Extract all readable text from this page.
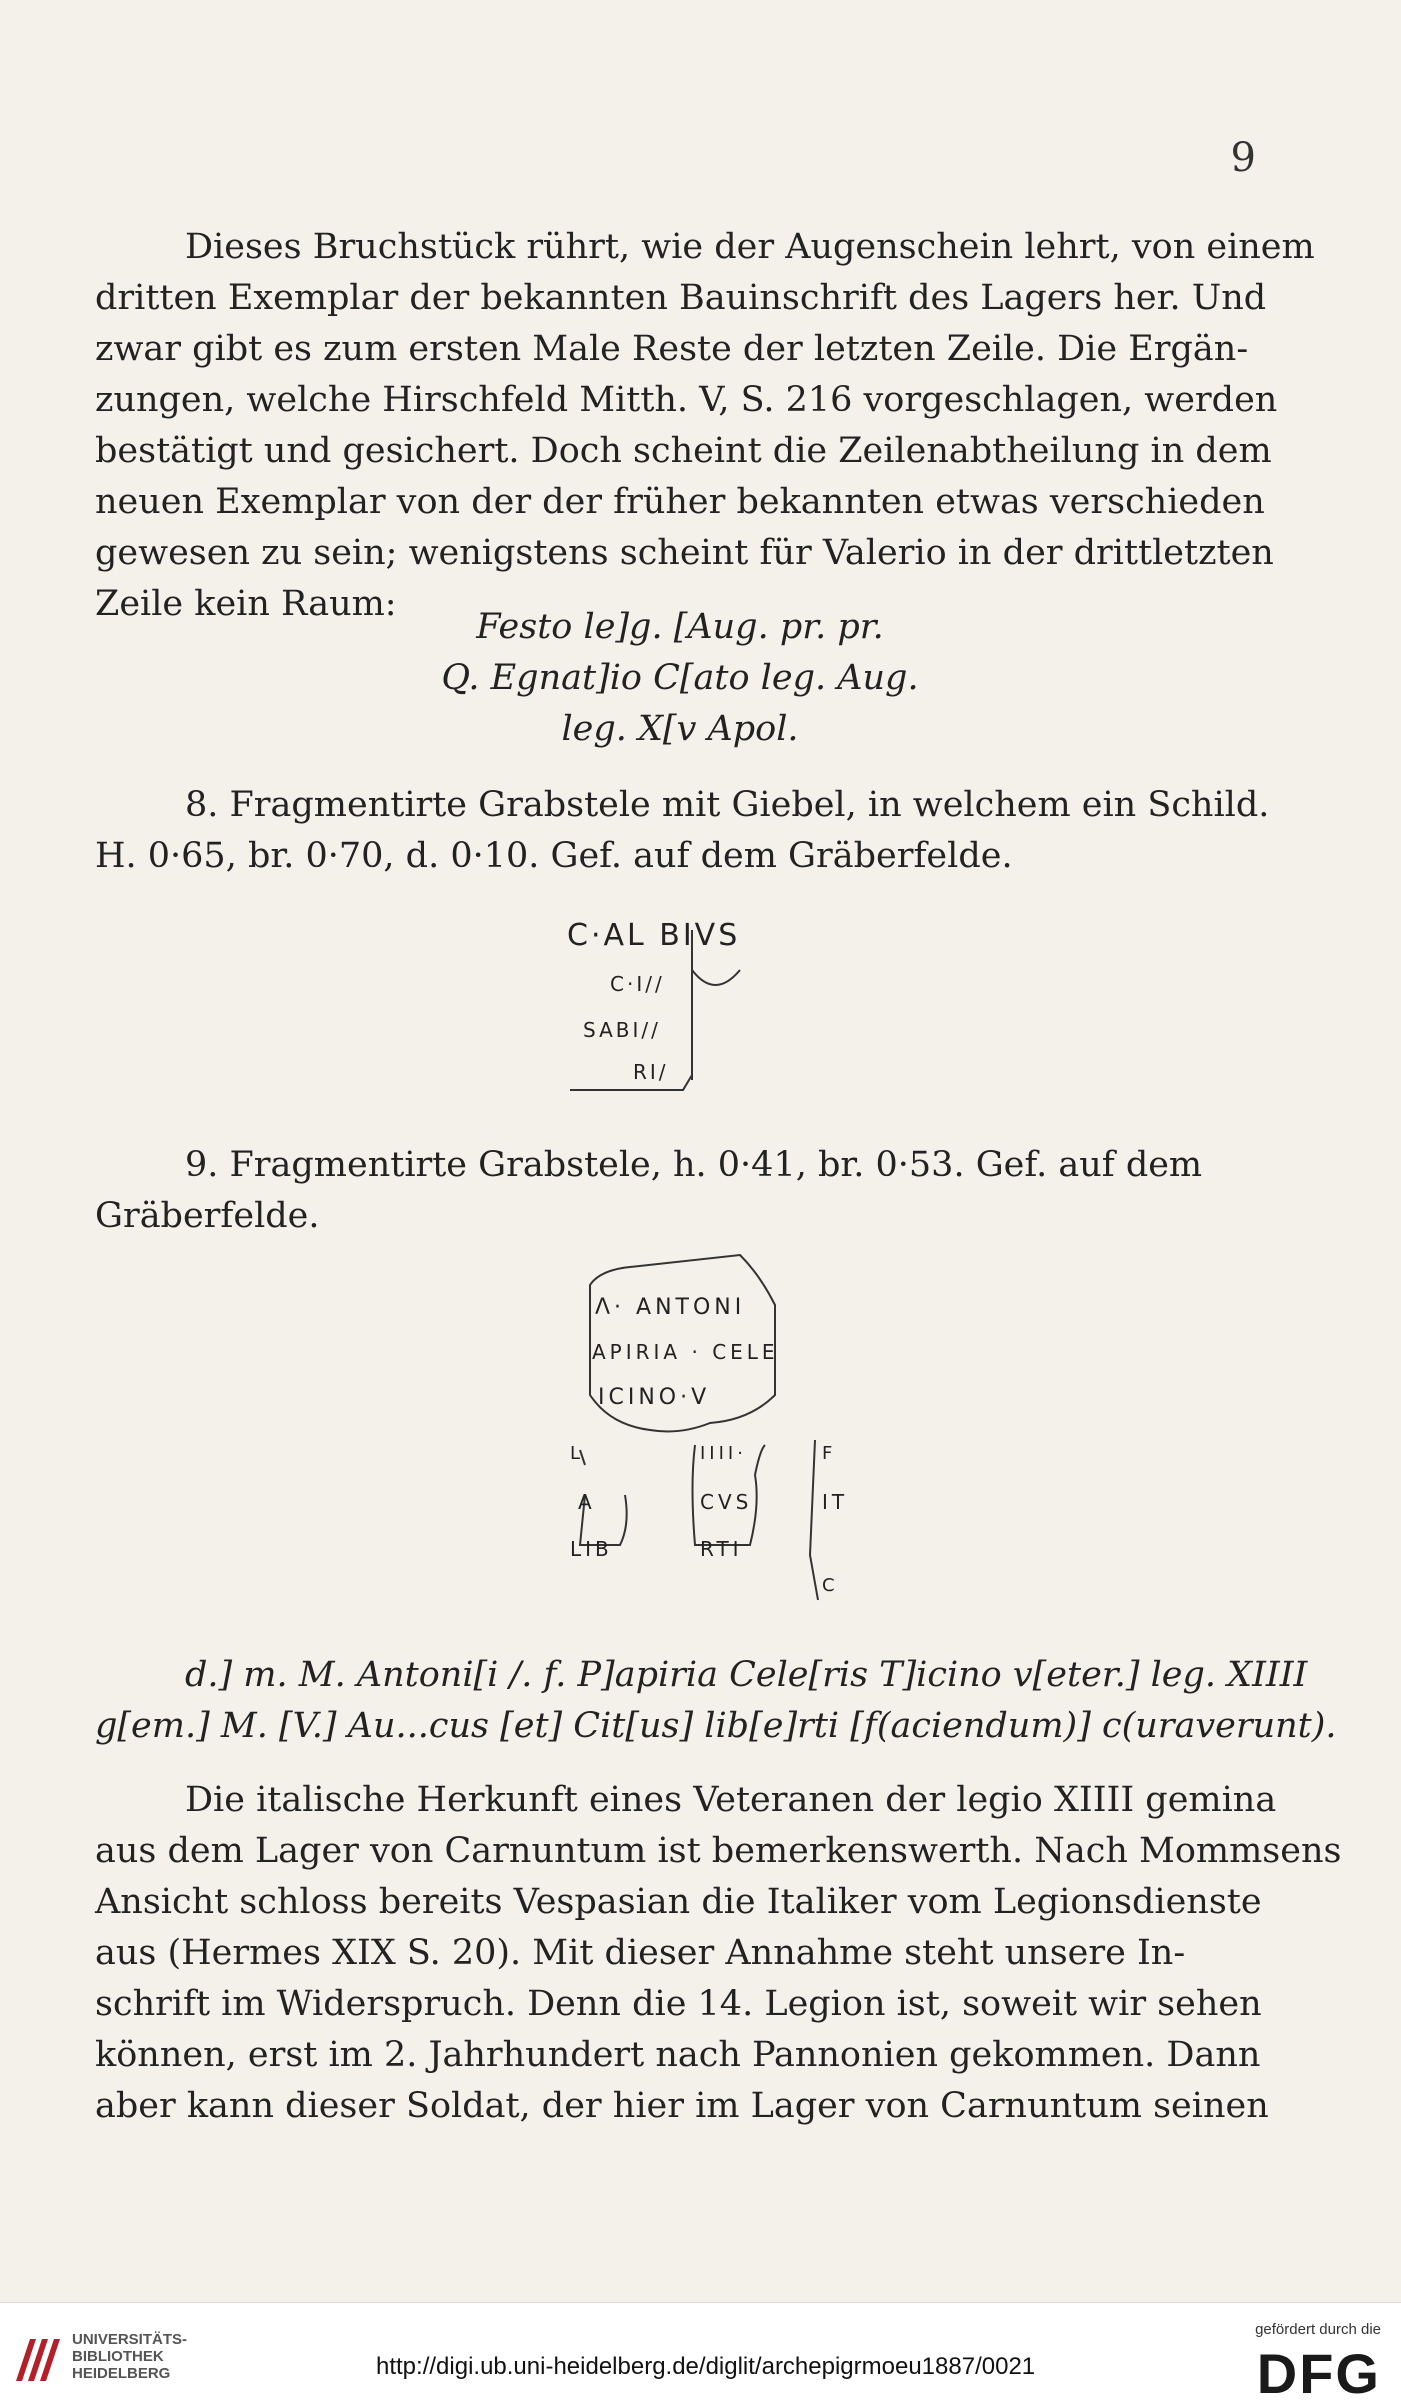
9
Dieses Bruchstück rührt, wie der Augenschein lehrt, von einem
dritten Exemplar der bekannten Bauinschrift des Lagers her. Und
zwar gibt es zum ersten Male Reste der letzten Zeile. Die Ergän-
zungen, welche Hirschfeld Mitth. V, S. 216 vorgeschlagen, werden
bestätigt und gesichert. Doch scheint die Zeilenabtheilung in dem
neuen Exemplar von der der früher bekannten etwas verschieden
gewesen zu sein; wenigstens scheint für Valerio in der drittletzten
Zeile kein Raum:
Festo le]g. [Aug. pr. pr.
Q. Egnat]io C[ato leg. Aug.
leg. X[v Apol.
8. Fragmentirte Grabstele mit Giebel, in welchem ein Schild.
H. 0·65, br. 0·70, d. 0·10. Gef. auf dem Gräberfelde.
C·AL BIVS
C·I//
SABI//
RI/
9. Fragmentirte Grabstele, h. 0·41, br. 0·53. Gef. auf dem
Gräberfelde.
Λ· ANTONI
APIRIA · CELE
ICINO·V
L	IIII·	F
A	CVS	IT
LIB	RTI
C
d.] m. M. Antoni[i /. f. P]apiria Cele[ris T]icino v[eter.] leg. XIIII
g[em.] M. [V.] Au...cus [et] Cit[us] lib[e]rti [f(aciendum)] c(uraverunt).
Die italische Herkunft eines Veteranen der legio XIIII gemina
aus dem Lager von Carnuntum ist bemerkenswerth. Nach Mommsens
Ansicht schloss bereits Vespasian die Italiker vom Legionsdienste
aus (Hermes XIX S. 20). Mit dieser Annahme steht unsere In-
schrift im Widerspruch. Denn die 14. Legion ist, soweit wir sehen
können, erst im 2. Jahrhundert nach Pannonien gekommen. Dann
aber kann dieser Soldat, der hier im Lager von Carnuntum seinen
UNIVERSITÄTS-
BIBLIOTHEK
HEIDELBERG	http://digi.ub.uni-heidelberg.de/diglit/archepigrmoeu1887/0021
gefördert durch die
DFG
